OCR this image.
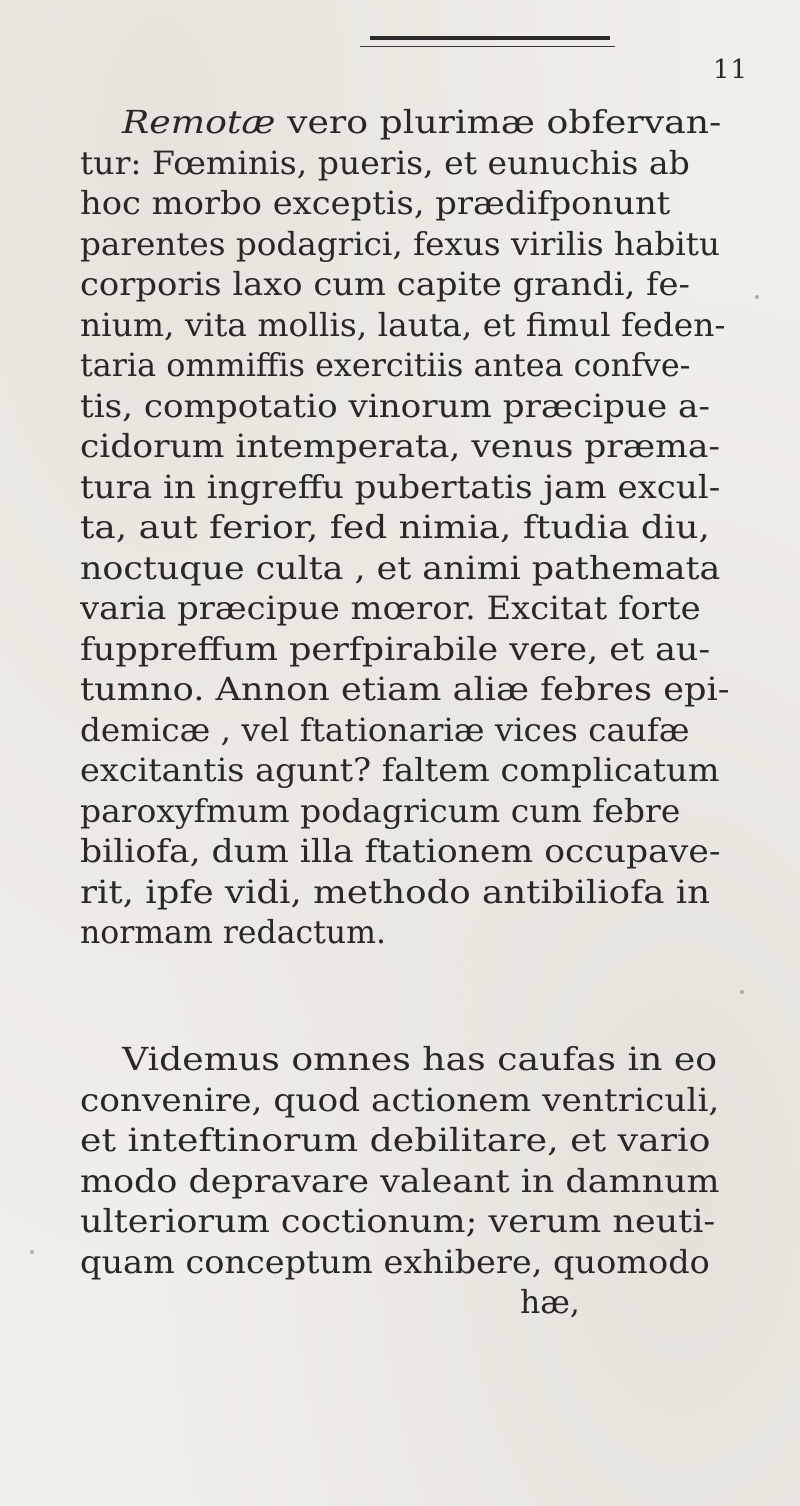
11
Remotæ vero plurimæ obfervan-
tur: Fœminis, pueris, et eunuchis ab
hoc morbo exceptis, prædifponunt
parentes podagrici, fexus virilis habitu
corporis laxo cum capite grandi, fe-
nium, vita mollis, lauta, et fimul feden-
taria ommiffis exercitiis antea confve-
tis, compotatio vinorum præcipue a-
cidorum intemperata, venus præma-
tura in ingreffu pubertatis jam excul-
ta, aut ferior, fed nimia, ftudia diu,
noctuque culta , et animi pathemata
varia præcipue mœror. Excitat forte
fuppreffum perfpirabile vere, et au-
tumno. Annon etiam aliæ febres epi-
demicæ , vel ftationariæ vices caufæ
excitantis agunt? faltem complicatum
paroxyfmum podagricum cum febre
biliofa, dum illa ftationem occupave-
rit, ipfe vidi, methodo antibiliofa in
normam redactum.
Videmus omnes has caufas in eo
convenire, quod actionem ventriculi,
et inteftinorum debilitare, et vario
modo depravare valeant in damnum
ulteriorum coctionum; verum neuti-
quam conceptum exhibere, quomodo
hæ,
